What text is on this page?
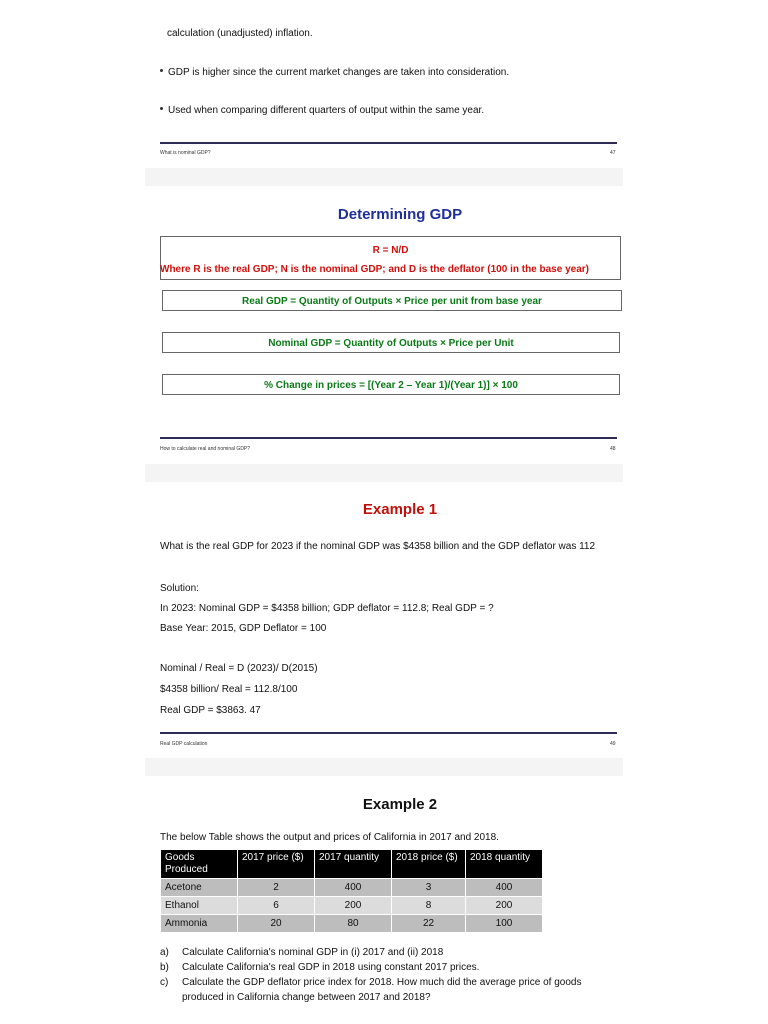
calculation (unadjusted) inflation.
GDP is higher since the current market changes are taken into consideration.
Used when comparing different quarters of output within the same year.
What is nominal GDP?	47
Determining GDP
R = N/D
Where R is the real GDP; N is the nominal GDP; and D is the deflator (100 in the base year)
Real GDP = Quantity of Outputs × Price per unit from base year
Nominal GDP = Quantity of Outputs × Price per Unit
% Change in prices = [(Year 2 – Year 1)/(Year 1)] × 100
How to calculate real and nominal GDP?	48
Example 1
What is the real GDP for 2023 if the nominal GDP was $4358 billion and the GDP deflator was 112
Solution:
In 2023: Nominal GDP = $4358 billion; GDP deflator = 112.8; Real GDP = ?
Base Year: 2015, GDP Deflator = 100
Nominal / Real = D (2023)/ D(2015)
$4358 billion/ Real = 112.8/100
Real GDP = $3863. 47
Real GDP calculation	49
Example 2
The below Table shows the output and prices of California in 2017 and 2018.
Goods Produced	2017 price ($)	2017 quantity	2018 price ($)	2018 quantity
Acetone	2	400	3	400
Ethanol	6	200	8	200
Ammonia	20	80	22	100
a) Calculate California's nominal GDP in (i) 2017 and (ii) 2018
b) Calculate California's real GDP in 2018 using constant 2017 prices.
c) Calculate the GDP deflator price index for 2018. How much did the average price of goods
produced in California change between 2017 and 2018?
